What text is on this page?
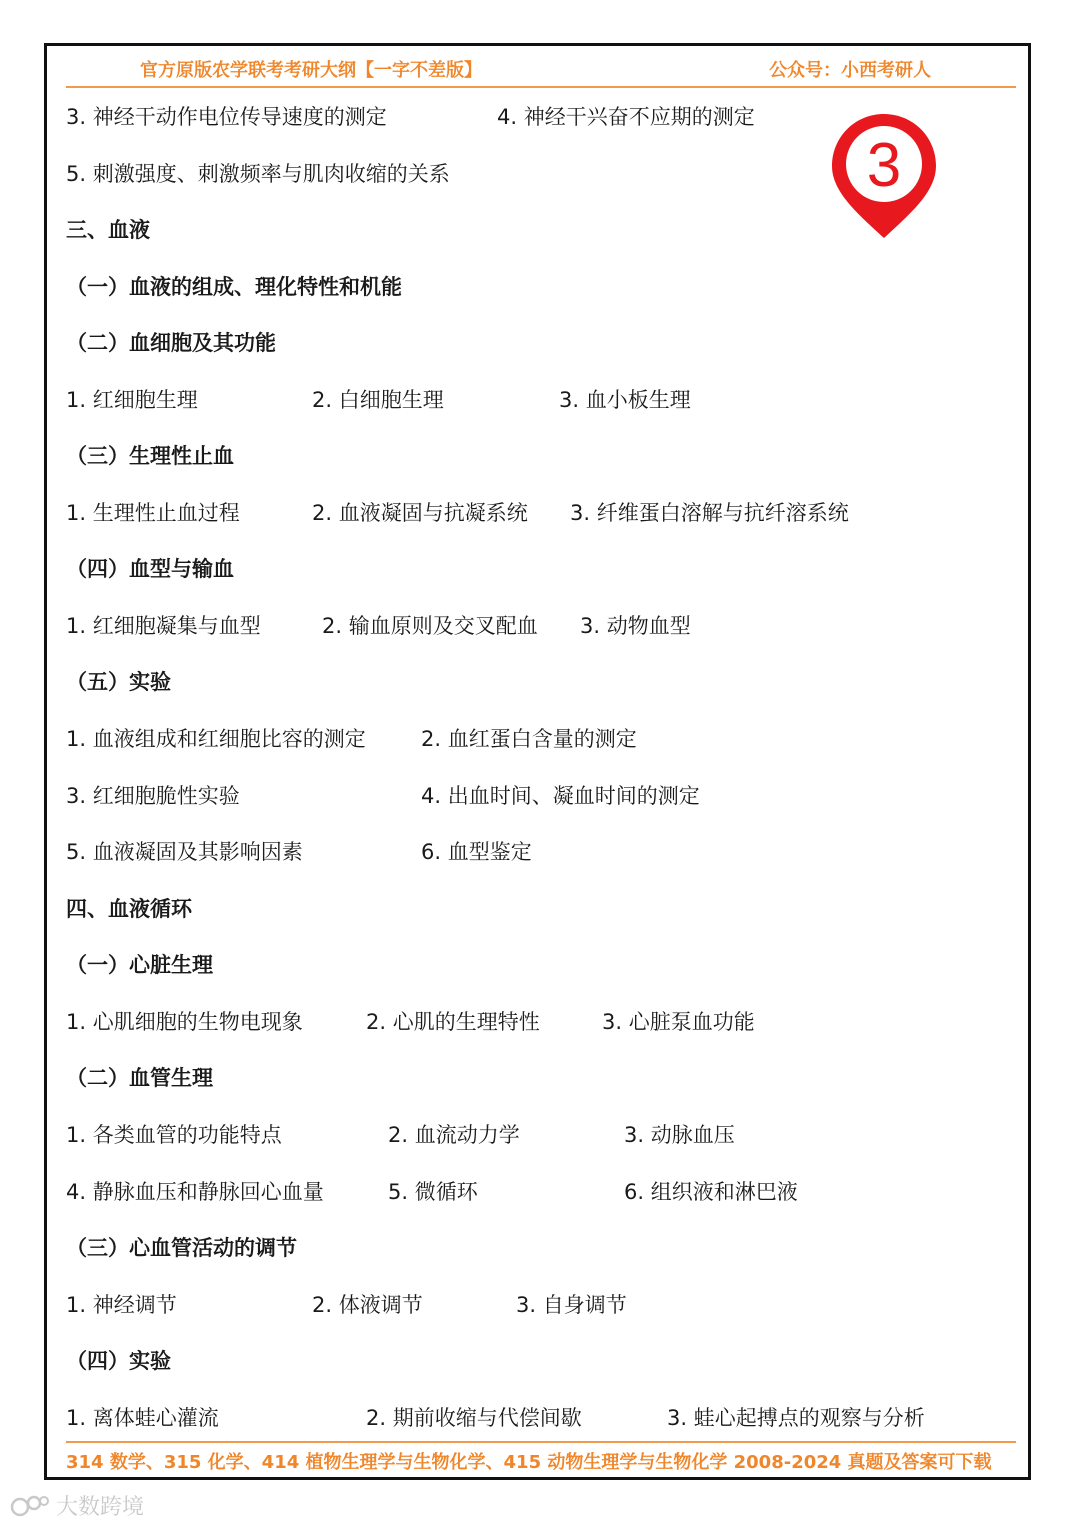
官方原版农学联考考研大纲【一字不差版】	公众号：小西考研人
3
3. 神经干动作电位传导速度的测定	4. 神经干兴奋不应期的测定
5. 刺激强度、刺激频率与肌肉收缩的关系
三、血液
（一）血液的组成、理化特性和机能
（二）血细胞及其功能
1. 红细胞生理	2. 白细胞生理	3. 血小板生理
（三）生理性止血
1. 生理性止血过程	2. 血液凝固与抗凝系统 3. 纤维蛋白溶解与抗纤溶系统
（四）血型与输血
1. 红细胞凝集与血型	2. 输血原则及交叉配血 3. 动物血型
（五）实验
1. 血液组成和红细胞比容的测定	2. 血红蛋白含量的测定
3. 红细胞脆性实验	4. 出血时间、凝血时间的测定
5. 血液凝固及其影响因素	6. 血型鉴定
四、血液循环
（一）心脏生理
1. 心肌细胞的生物电现象	2. 心肌的生理特性	3. 心脏泵血功能
（二）血管生理
1. 各类血管的功能特点	2. 血流动力学	3. 动脉血压
4. 静脉血压和静脉回心血量	5. 微循环	6. 组织液和淋巴液
（三）心血管活动的调节
1. 神经调节	2. 体液调节	3. 自身调节
（四）实验
1. 离体蛙心灌流	2. 期前收缩与代偿间歇	3. 蛙心起搏点的观察与分析
314 数学、315 化学、414 植物生理学与生物化学、415 动物生理学与生物化学 2008-2024 真题及答案可下载
大数跨境
